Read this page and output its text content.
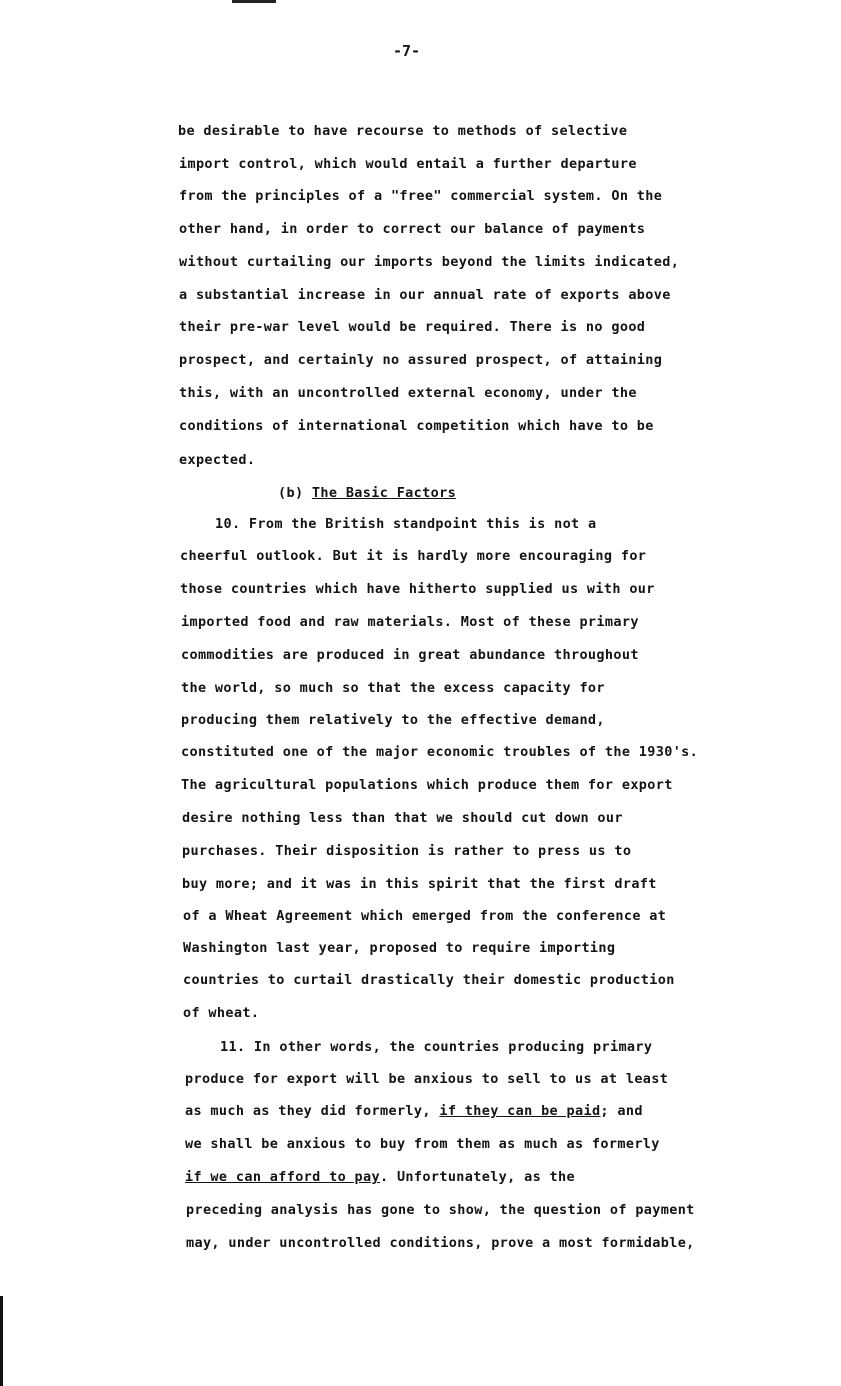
-7-
be desirable to have recourse to methods of selective
import control, which would entail a further departure
from the principles of a "free" commercial system. On the
other hand, in order to correct our balance of payments
without curtailing our imports beyond the limits indicated,
a substantial increase in our annual rate of exports above
their pre-war level would be required. There is no good
prospect, and certainly no assured prospect, of attaining
this, with an uncontrolled external economy, under the
conditions of international competition which have to be
expected.
(b) The Basic Factors
10. From the British standpoint this is not a
cheerful outlook. But it is hardly more encouraging for
those countries which have hitherto supplied us with our
imported food and raw materials. Most of these primary
commodities are produced in great abundance throughout
the world, so much so that the excess capacity for
producing them relatively to the effective demand,
constituted one of the major economic troubles of the 1930's.
The agricultural populations which produce them for export
desire nothing less than that we should cut down our
purchases. Their disposition is rather to press us to
buy more; and it was in this spirit that the first draft
of a Wheat Agreement which emerged from the conference at
Washington last year, proposed to require importing
countries to curtail drastically their domestic production
of wheat.
11. In other words, the countries producing primary
produce for export will be anxious to sell to us at least
as much as they did formerly, if they can be paid; and
we shall be anxious to buy from them as much as formerly
if we can afford to pay. Unfortunately, as the
preceding analysis has gone to show, the question of payment
may, under uncontrolled conditions, prove a most formidable,
